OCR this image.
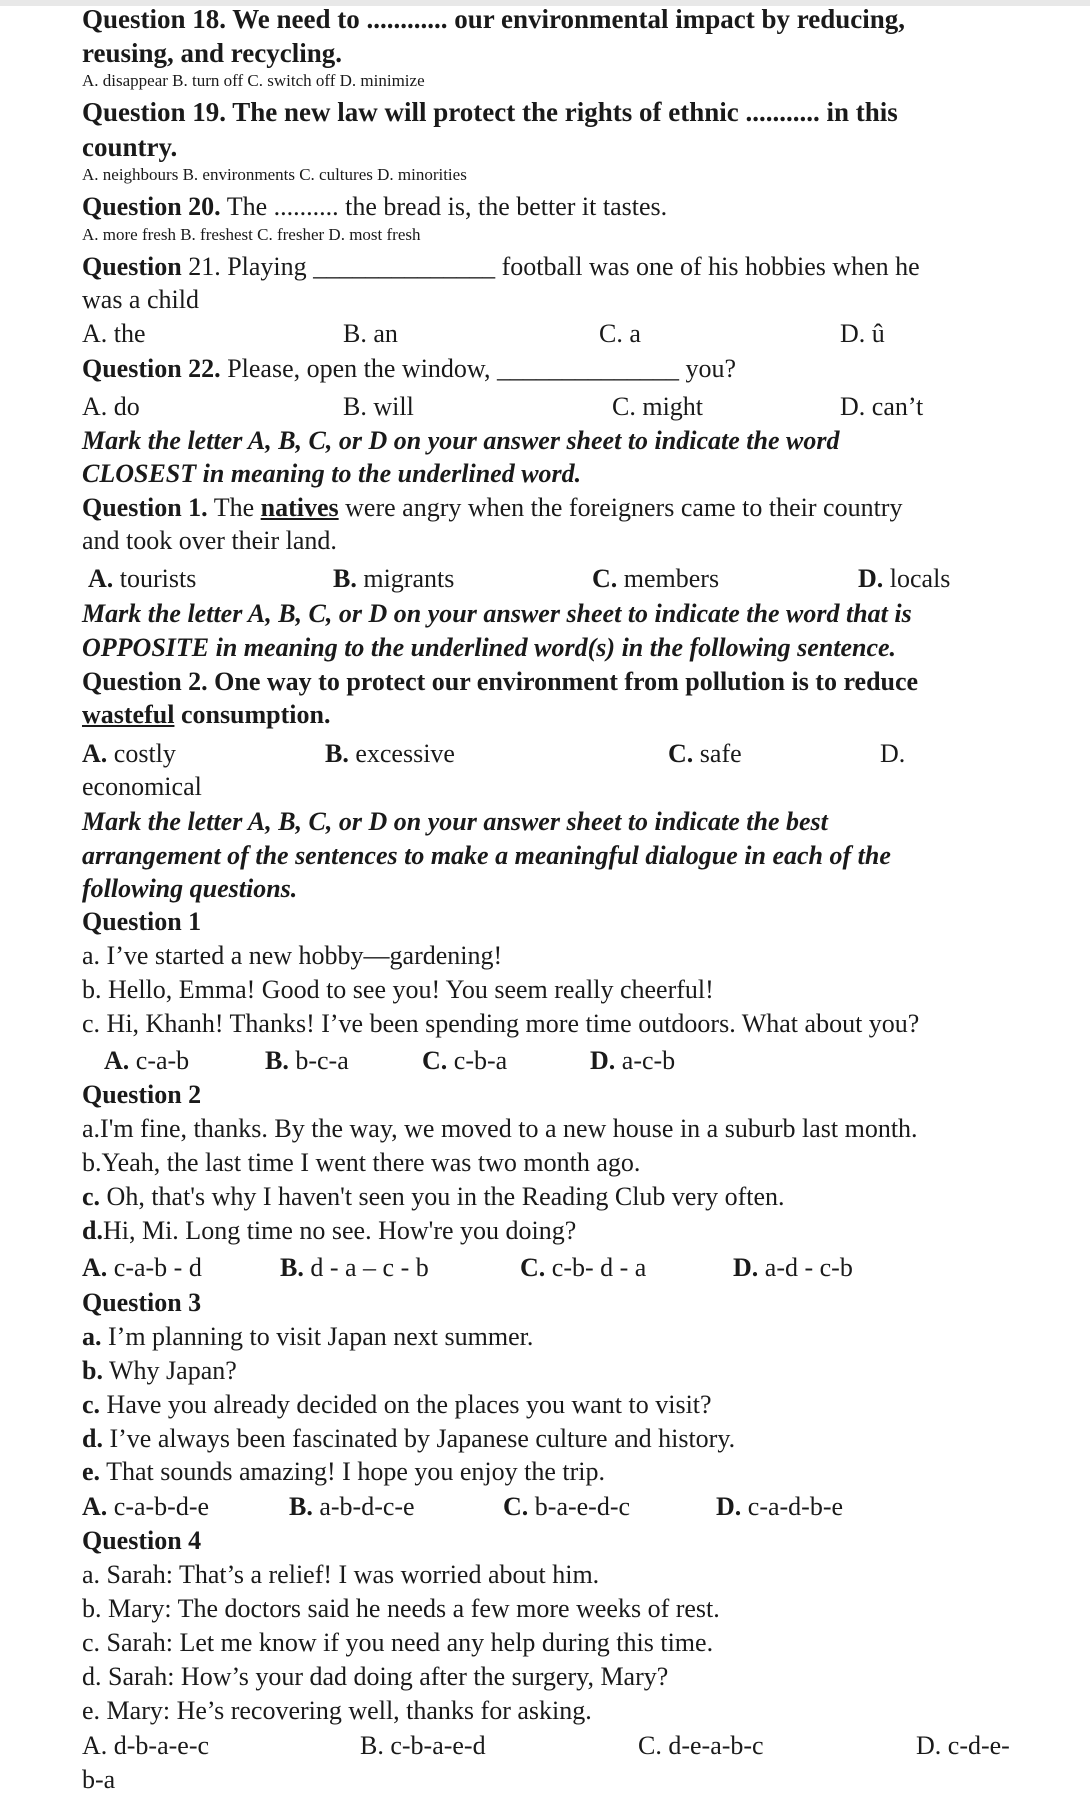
Question 18. We need to ............ our environmental impact by reducing,
reusing, and recycling.
A. disappear B. turn off C. switch off D. minimize
Question 19. The new law will protect the rights of ethnic ........... in this
country.
A. neighbours B. environments C. cultures D. minorities
Question 20. The .......... the bread is, the better it tastes.
A. more fresh B. freshest C. fresher D. most fresh
Question 21. Playing ______________ football was one of his hobbies when he
was a child
A. the	B. an	C. a	D. û
Question 22. Please, open the window, ______________ you?
A. do	B. will	C. might	D. can’t
Mark the letter A, B, C, or D on your answer sheet to indicate the word
CLOSEST in meaning to the underlined word.
Question 1. The natives were angry when the foreigners came to their country
and took over their land.
A. tourists	B. migrants	C. members	D. locals
Mark the letter A, B, C, or D on your answer sheet to indicate the word that is
OPPOSITE in meaning to the underlined word(s) in the following sentence.
Question 2. One way to protect our environment from pollution is to reduce
wasteful consumption.
A. costly	B. excessive	C. safe	D.
economical
Mark the letter A, B, C, or D on your answer sheet to indicate the best
arrangement of the sentences to make a meaningful dialogue in each of the
following questions.
Question 1
a. I’ve started a new hobby—gardening!
b. Hello, Emma! Good to see you! You seem really cheerful!
c. Hi, Khanh! Thanks! I’ve been spending more time outdoors. What about you?
A. c-a-b	B. b-c-a	C. c-b-a	D. a-c-b
Question 2
a.I'm fine, thanks. By the way, we moved to a new house in a suburb last month.
b.Yeah, the last time I went there was two month ago.
c. Oh, that's why I haven't seen you in the Reading Club very often.
d.Hi, Mi. Long time no see. How're you doing?
A. c-a-b - d	B. d - a – c - b	C. c-b- d - a	D. a-d - c-b
Question 3
a. I’m planning to visit Japan next summer.
b. Why Japan?
c. Have you already decided on the places you want to visit?
d. I’ve always been fascinated by Japanese culture and history.
e. That sounds amazing! I hope you enjoy the trip.
A. c-a-b-d-e	B. a-b-d-c-e	C. b-a-e-d-c	D. c-a-d-b-e
Question 4
a. Sarah: That’s a relief! I was worried about him.
b. Mary: The doctors said he needs a few more weeks of rest.
c. Sarah: Let me know if you need any help during this time.
d. Sarah: How’s your dad doing after the surgery, Mary?
e. Mary: He’s recovering well, thanks for asking.
A. d-b-a-e-c	B. c-b-a-e-d	C. d-e-a-b-c	D. c-d-e-
b-a
